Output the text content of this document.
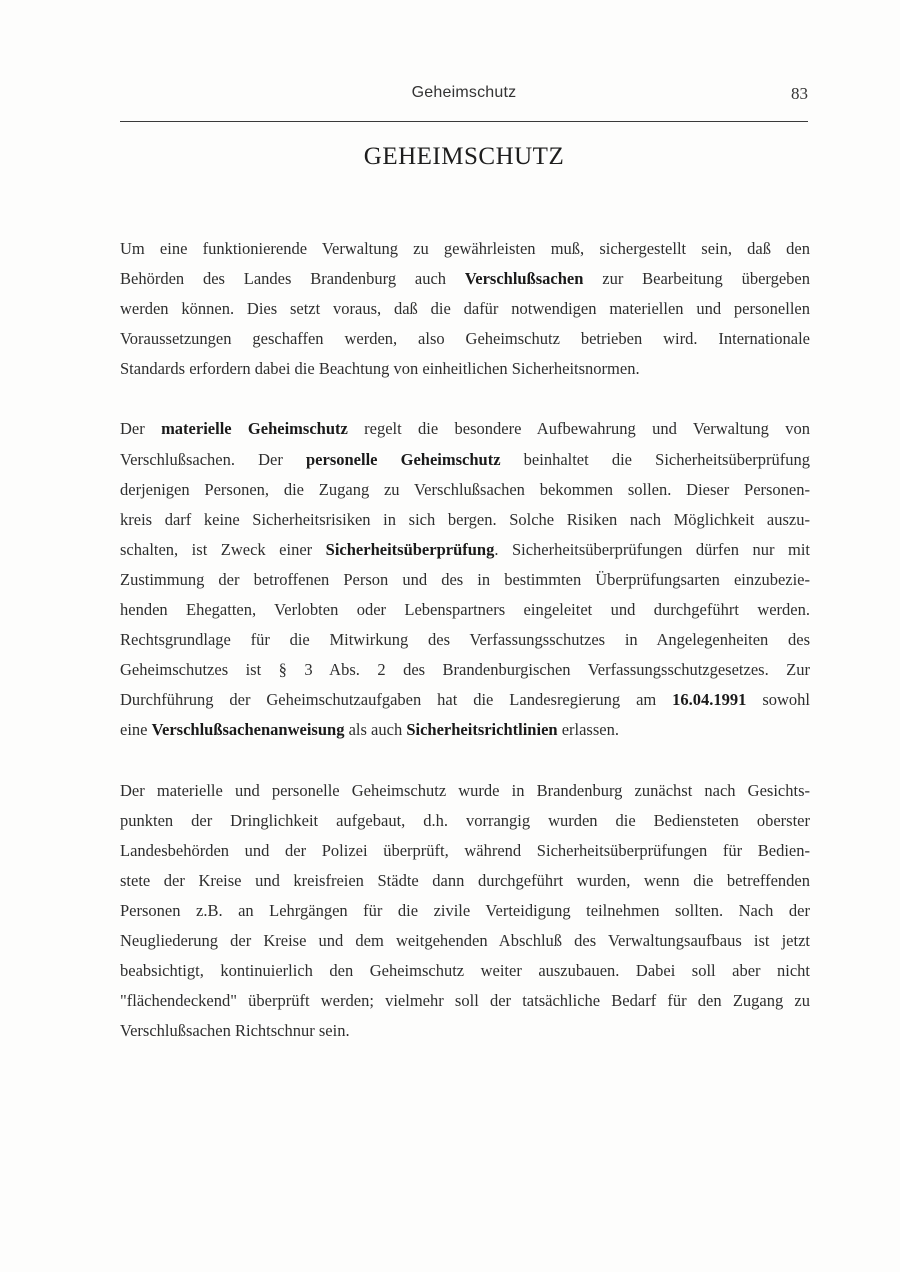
Geheimschutz	83
GEHEIMSCHUTZ

Um eine funktionierende Verwaltung zu gewährleisten muß, sichergestellt sein, daß den
Behörden des Landes Brandenburg auch Verschlußsachen zur Bearbeitung übergeben
werden können. Dies setzt voraus, daß die dafür notwendigen materiellen und personellen
Voraussetzungen geschaffen werden, also Geheimschutz betrieben wird. Internationale
Standards erfordern dabei die Beachtung von einheitlichen Sicherheitsnormen.

Der materielle Geheimschutz regelt die besondere Aufbewahrung und Verwaltung von
Verschlußsachen. Der personelle Geheimschutz beinhaltet die Sicherheitsüberprüfung
derjenigen Personen, die Zugang zu Verschlußsachen bekommen sollen. Dieser Personen-
kreis darf keine Sicherheitsrisiken in sich bergen. Solche Risiken nach Möglichkeit auszu-
schalten, ist Zweck einer Sicherheitsüberprüfung. Sicherheitsüberprüfungen dürfen nur mit
Zustimmung der betroffenen Person und des in bestimmten Überprüfungsarten einzubezie-
henden Ehegatten, Verlobten oder Lebenspartners eingeleitet und durchgeführt werden.
Rechtsgrundlage für die Mitwirkung des Verfassungsschutzes in Angelegenheiten des
Geheimschutzes ist § 3 Abs. 2 des Brandenburgischen Verfassungsschutzgesetzes. Zur
Durchführung der Geheimschutzaufgaben hat die Landesregierung am 16.04.1991 sowohl
eine Verschlußsachenanweisung als auch Sicherheitsrichtlinien erlassen.

Der materielle und personelle Geheimschutz wurde in Brandenburg zunächst nach Gesichts-
punkten der Dringlichkeit aufgebaut, d.h. vorrangig wurden die Bediensteten oberster
Landesbehörden und der Polizei überprüft, während Sicherheitsüberprüfungen für Bedien-
stete der Kreise und kreisfreien Städte dann durchgeführt wurden, wenn die betreffenden
Personen z.B. an Lehrgängen für die zivile Verteidigung teilnehmen sollten. Nach der
Neugliederung der Kreise und dem weitgehenden Abschluß des Verwaltungsaufbaus ist jetzt
beabsichtigt, kontinuierlich den Geheimschutz weiter auszubauen. Dabei soll aber nicht
"flächendeckend" überprüft werden; vielmehr soll der tatsächliche Bedarf für den Zugang zu
Verschlußsachen Richtschnur sein.
